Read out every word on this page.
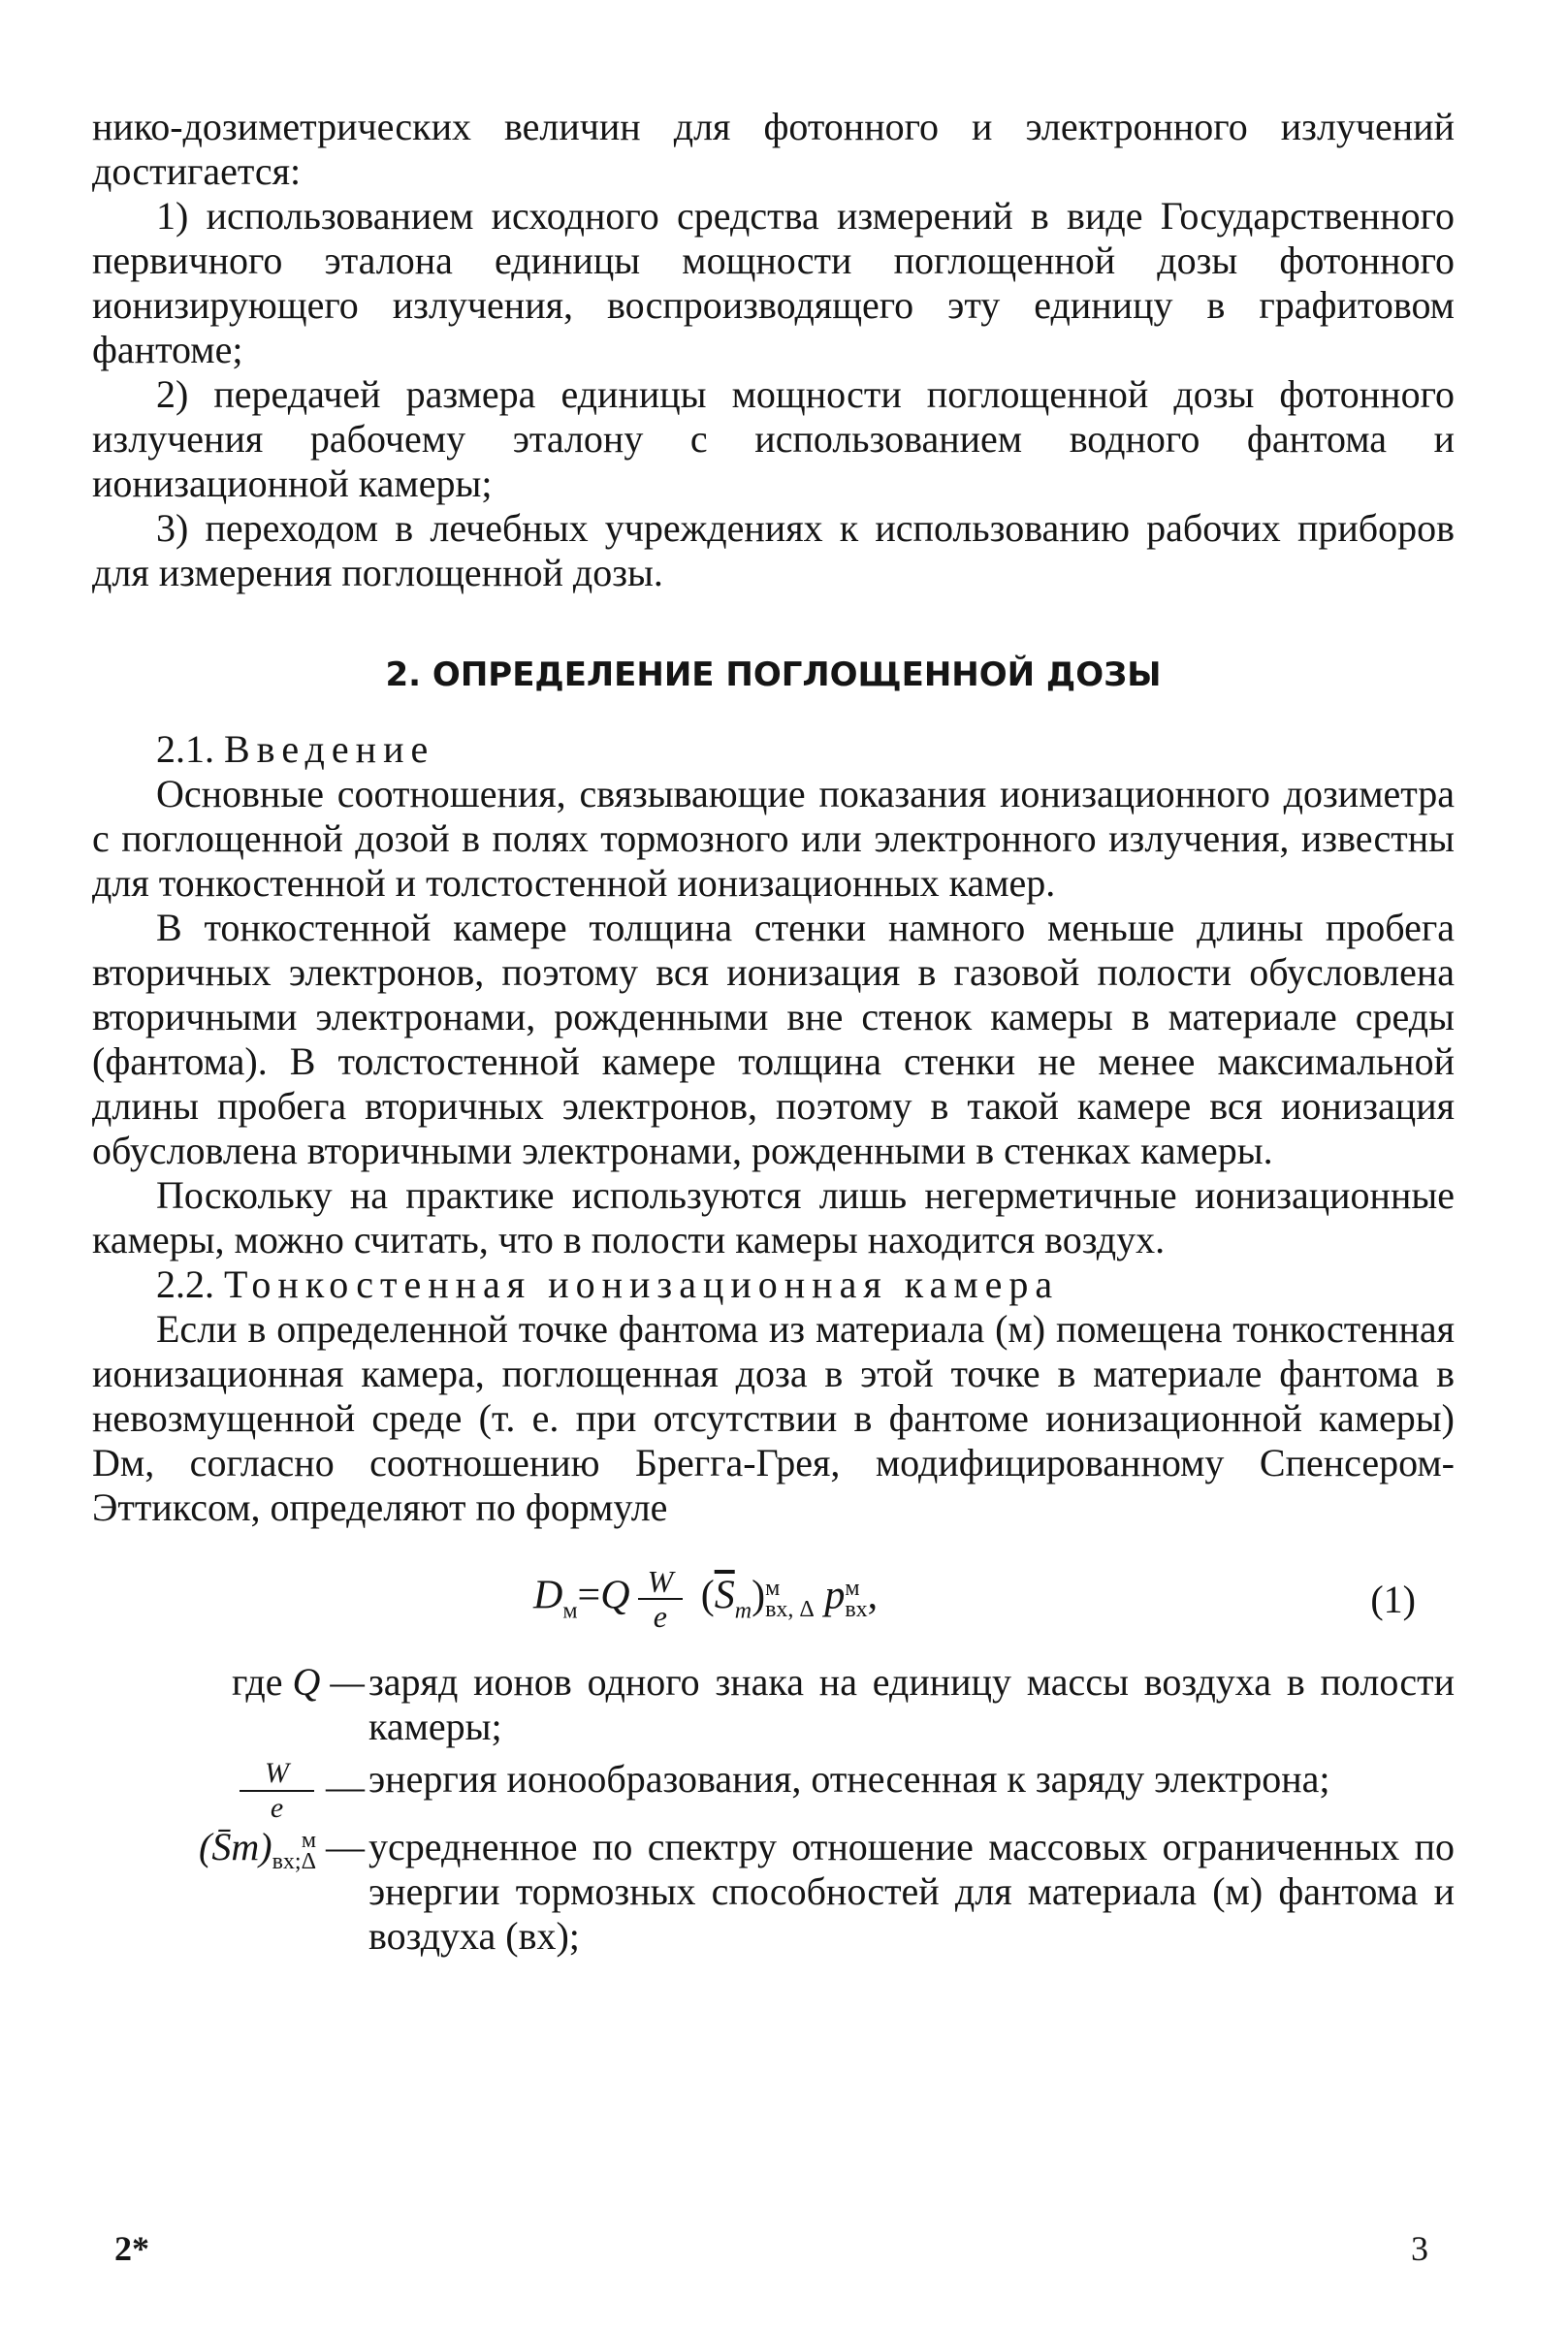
нико-дозиметрических величин для фотонного и электронного излучений достигается:

1) использованием исходного средства измерений в виде Государственного первичного эталона единицы мощности поглощенной дозы фотонного ионизирующего излучения, воспроизводящего эту единицу в графитовом фантоме;

2) передачей размера единицы мощности поглощенной дозы фотонного излучения рабочему эталону с использованием водного фантома и ионизационной камеры;

3) переходом в лечебных учреждениях к использованию рабочих приборов для измерения поглощенной дозы.

2. ОПРЕДЕЛЕНИЕ ПОГЛОЩЕННОЙ ДОЗЫ
2.1. Введение

Основные соотношения, связывающие показания ионизационного дозиметра с поглощенной дозой в полях тормозного или электронного излучения, известны для тонкостенной и толстостенной ионизационных камер.

В тонкостенной камере толщина стенки намного меньше длины пробега вторичных электронов, поэтому вся ионизация в газовой полости обусловлена вторичными электронами, рожденными вне стенок камеры в материале среды (фантома). В толстостенной камере толщина стенки не менее максимальной длины пробега вторичных электронов, поэтому в такой камере вся ионизация обусловлена вторичными электронами, рожденными в стенках камеры.

Поскольку на практике используются лишь негерметичные ионизационные камеры, можно считать, что в полости камеры находится воздух.

2.2. Тонкостенная ионизационная камера

Если в определенной точке фантома из материала (м) помещена тонкостенная ионизационная камера, поглощенная доза в этой точке в материале фантома в невозмущенной среде (т. е. при отсутствии в фантоме ионизационной камеры) Dм, согласно соотношению Брегга-Грея, модифицированному Спенсером-Эттиксом, определяют по формуле

$D_м=Q \frac{W}{e} (\overline{S}_m)$ м
вх, Δ p м
вх ,	(1)
где Q — заряд ионов одного знака на единицу массы воздуха в полости камеры;
$\frac{W}{e}$ — энергия ионообразования, отнесенная к заряду электрона;
(S̄m)	м
вх;Δ — усредненное по спектру отношение массовых ограниченных по энергии тормозных способностей для материала (м) фантома и воздуха (вх);
2*	3
